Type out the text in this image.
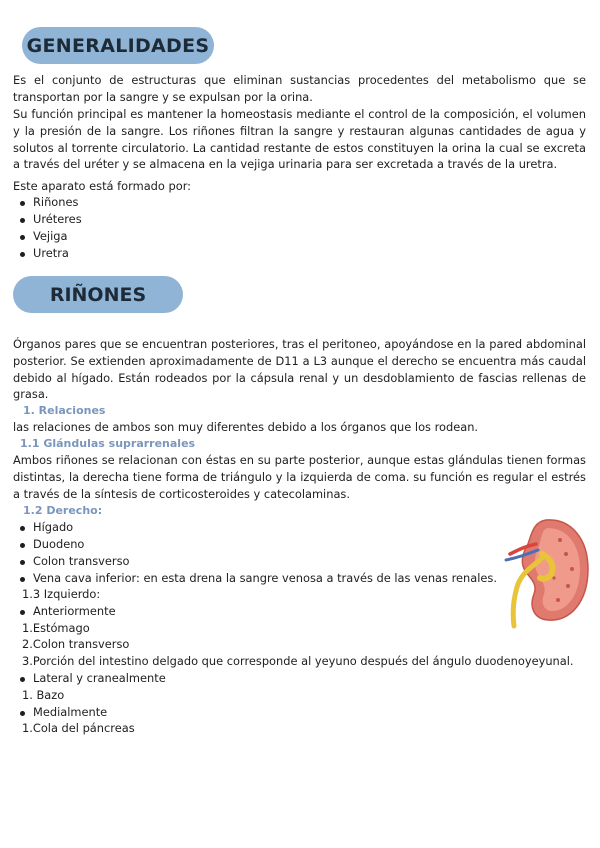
GENERALIDADES

Es el conjunto de estructuras que eliminan sustancias procedentes del metabolismo que se transportan por la sangre y se expulsan por la orina.

Su función principal es mantener la homeostasis mediante el control de la composición, el volumen y la presión de la sangre. Los riñones filtran la sangre y restauran algunas cantidades de agua y solutos al torrente circulatorio. La cantidad restante de estos constituyen la orina la cual se excreta a través del uréter y se almacena en la vejiga urinaria para ser excretada a través de la uretra.

Este aparato está formado por:
Riñones
Uréteres
Vejiga
Uretra
RIÑONES

Órganos pares que se encuentran posteriores, tras el peritoneo, apoyándose en la pared abdominal posterior. Se extienden aproximadamente de D11 a L3 aunque el derecho se encuentra más caudal debido al hígado. Están rodeados por la cápsula renal y un desdoblamiento de fascias rellenas de grasa.

1. Relaciones
las relaciones de ambos son muy diferentes debido a los órganos que los rodean.
1.1 Glándulas suprarrenales

Ambos riñones se relacionan con éstas en su parte posterior, aunque estas glándulas tienen formas distintas, la derecha tiene forma de triángulo y la izquierda de coma. su función es regular el estrés a través de la síntesis de corticosteroides y catecolaminas.

1.2 Derecho:
Hígado
Duodeno
Colon transverso
Vena cava inferior: en esta drena la sangre venosa a través de las venas renales.
1.3 Izquierdo:
Anteriormente
1.Estómago
2.Colon transverso
3.Porción del intestino delgado que corresponde al yeyuno después del ángulo duodenoyeyunal.
Lateral y cranealmente
1. Bazo
Medialmente
1.Cola del páncreas
